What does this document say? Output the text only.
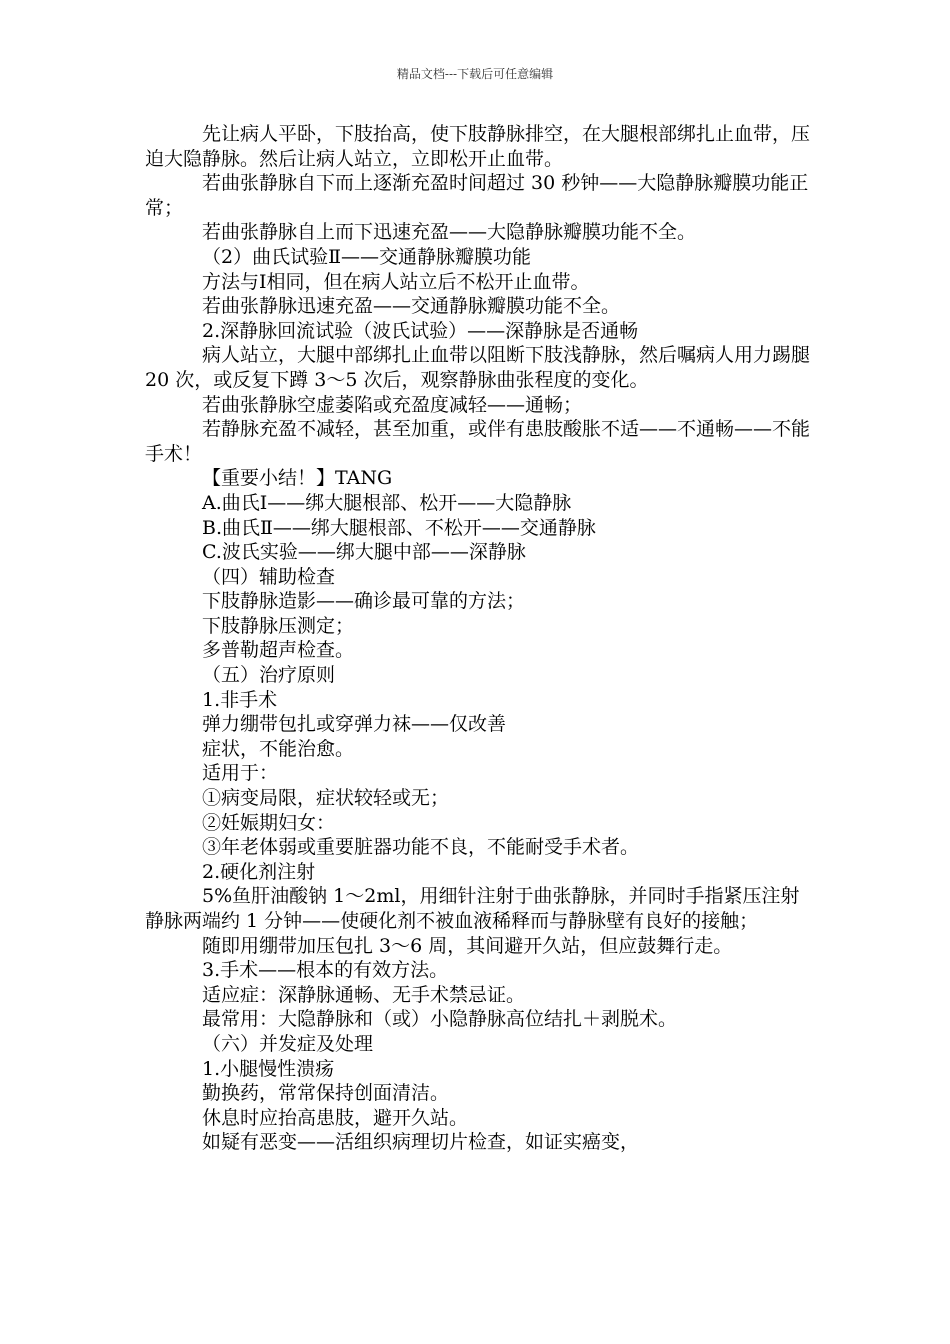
精品文档---下载后可任意编辑

先让病人平卧，下肢抬高，使下肢静脉排空，在大腿根部绑扎止血带，压迫大隐静脉。然后让病人站立，立即松开止血带。

若曲张静脉自下而上逐渐充盈时间超过 30 秒钟——大隐静脉瓣膜功能正常；

若曲张静脉自上而下迅速充盈——大隐静脉瓣膜功能不全。

（2）曲氏试验Ⅱ——交通静脉瓣膜功能

方法与Ⅰ相同，但在病人站立后不松开止血带。

若曲张静脉迅速充盈——交通静脉瓣膜功能不全。

2.深静脉回流试验（波氏试验）——深静脉是否通畅

病人站立，大腿中部绑扎止血带以阻断下肢浅静脉，然后嘱病人用力踢腿 20 次，或反复下蹲 3～5 次后，观察静脉曲张程度的变化。

若曲张静脉空虚萎陷或充盈度减轻——通畅；

若静脉充盈不减轻，甚至加重，或伴有患肢酸胀不适——不通畅——不能手术！

【重要小结！】TANG

A.曲氏Ⅰ——绑大腿根部、松开——大隐静脉

B.曲氏Ⅱ——绑大腿根部、不松开——交通静脉

C.波氏实验——绑大腿中部——深静脉

（四）辅助检查

下肢静脉造影——确诊最可靠的方法；

下肢静脉压测定；

多普勒超声检查。

（五）治疗原则

1.非手术

弹力绷带包扎或穿弹力袜——仅改善

症状，不能治愈。

适用于：

①病变局限，症状较轻或无；

②妊娠期妇女：

③年老体弱或重要脏器功能不良，不能耐受手术者。

2.硬化剂注射

5%鱼肝油酸钠 1～2ml，用细针注射于曲张静脉，并同时手指紧压注射静脉两端约 1 分钟——使硬化剂不被血液稀释而与静脉壁有良好的接触；

随即用绷带加压包扎 3～6 周，其间避开久站，但应鼓舞行走。

3.手术——根本的有效方法。

适应症：深静脉通畅、无手术禁忌证。

最常用：大隐静脉和（或）小隐静脉高位结扎＋剥脱术。

（六）并发症及处理

1.小腿慢性溃疡

勤换药，常常保持创面清洁。

休息时应抬高患肢，避开久站。

如疑有恶变——活组织病理切片检查，如证实癌变，
